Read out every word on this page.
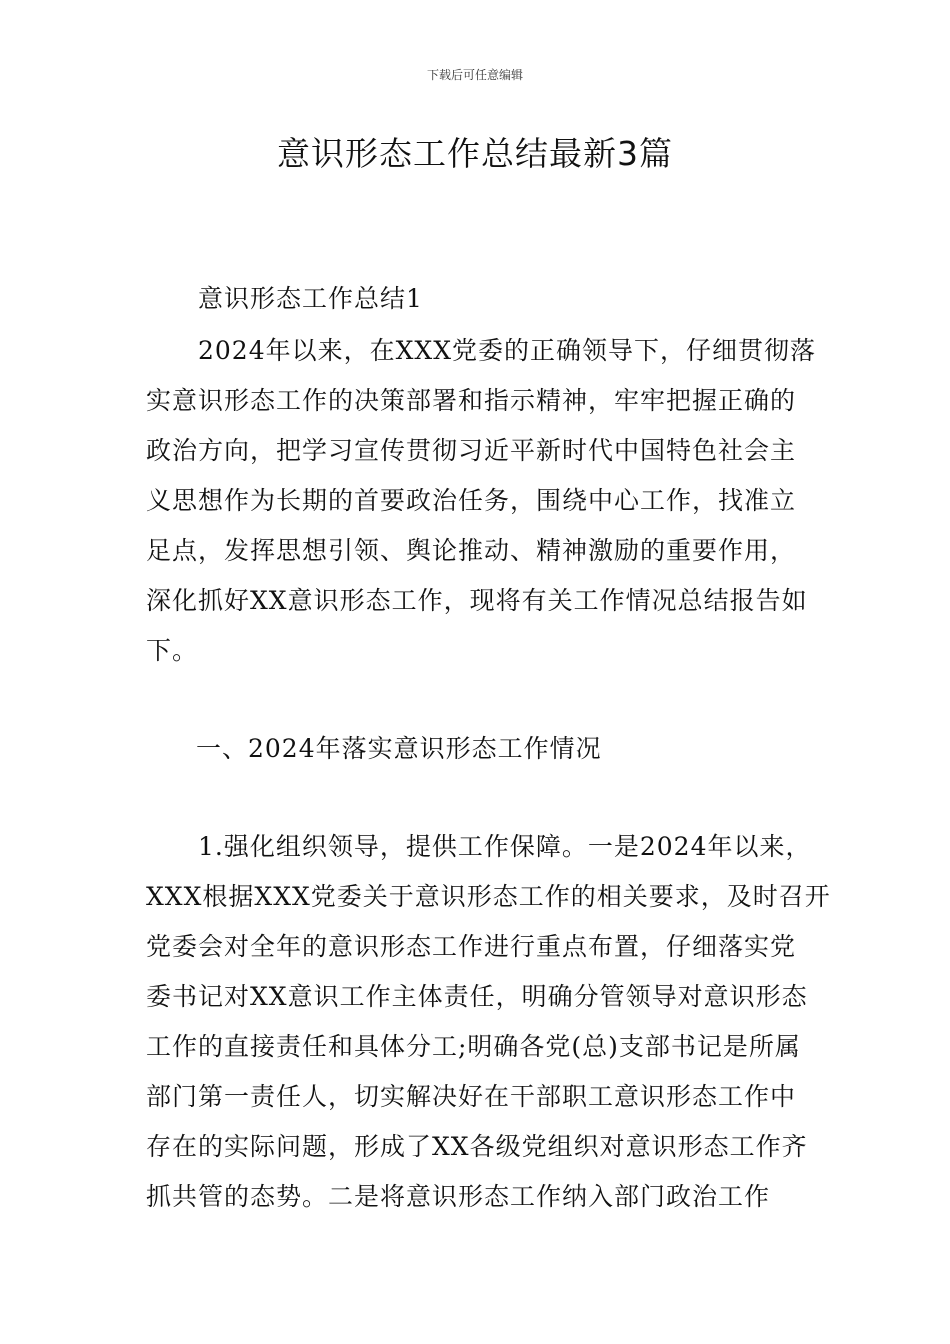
下载后可任意编辑
意识形态工作总结最新3篇
意识形态工作总结1
2024年以来，在XXX党委的正确领导下，仔细贯彻落
实意识形态工作的决策部署和指示精神，牢牢把握正确的
政治方向，把学习宣传贯彻习近平新时代中国特色社会主
义思想作为长期的首要政治任务，围绕中心工作，找准立
足点，发挥思想引领、舆论推动、精神激励的重要作用，
深化抓好XX意识形态工作，现将有关工作情况总结报告如
下。
一、2024年落实意识形态工作情况
1.强化组织领导，提供工作保障。一是2024年以来，
XXX根据XXX党委关于意识形态工作的相关要求，及时召开
党委会对全年的意识形态工作进行重点布置，仔细落实党
委书记对XX意识工作主体责任，明确分管领导对意识形态
工作的直接责任和具体分工;明确各党(总)支部书记是所属
部门第一责任人，切实解决好在干部职工意识形态工作中
存在的实际问题，形成了XX各级党组织对意识形态工作齐
抓共管的态势。二是将意识形态工作纳入部门政治工作
